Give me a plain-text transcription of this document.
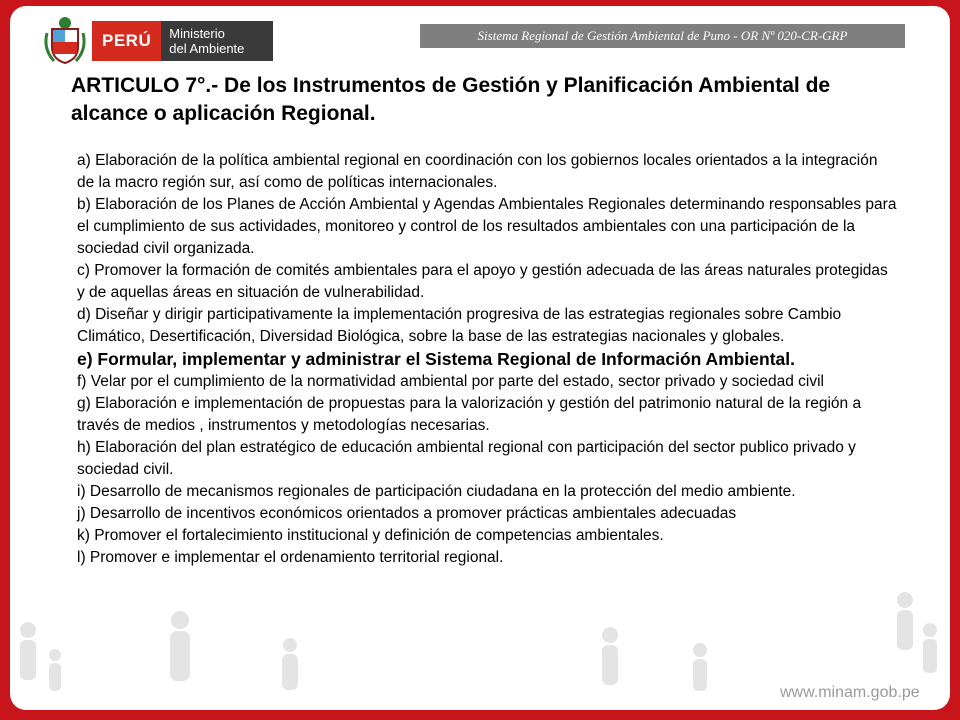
PERÚ	Ministerio
del Ambiente
Sistema Regional de Gestión Ambiental de Puno - OR Nº 020-CR-GRP
ARTICULO 7°.- De los Instrumentos de Gestión y Planificación Ambiental de alcance o aplicación Regional.

a) Elaboración de la política ambiental regional en coordinación con los gobiernos locales orientados a la integración de la macro región sur, así como de políticas internacionales.

b) Elaboración de los Planes de Acción Ambiental y Agendas Ambientales Regionales determinando responsables para el cumplimiento de sus actividades, monitoreo y control de los resultados ambientales con una participación de la sociedad civil organizada.

c) Promover la formación de comités ambientales para el apoyo y gestión adecuada de las áreas naturales protegidas y de aquellas áreas en situación de vulnerabilidad.

d) Diseñar y dirigir participativamente la implementación progresiva de las estrategias regionales sobre Cambio Climático, Desertificación, Diversidad Biológica, sobre la base de las estrategias nacionales y globales.

e) Formular, implementar y administrar el Sistema Regional de Información Ambiental.

f) Velar por el cumplimiento de la normatividad ambiental por parte del estado, sector privado y sociedad civil

g) Elaboración e implementación de propuestas para la valorización y gestión del patrimonio natural de la región a través de medios , instrumentos y metodologías necesarias.

h) Elaboración del plan estratégico de educación ambiental regional con participación del sector publico privado y sociedad civil.

i) Desarrollo de mecanismos regionales de participación ciudadana en la protección del medio ambiente.

j) Desarrollo de incentivos económicos orientados a promover prácticas ambientales adecuadas

k) Promover el fortalecimiento institucional y definición de competencias ambientales.

l) Promover e implementar el ordenamiento territorial regional.

www.minam.gob.pe
